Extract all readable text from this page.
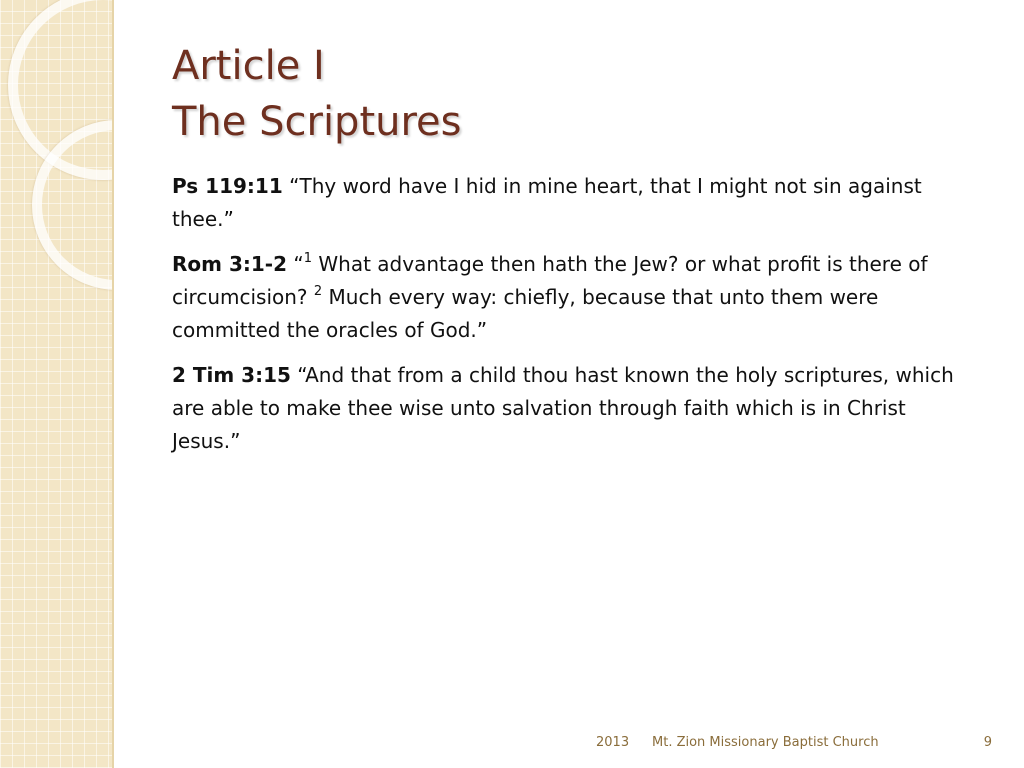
Article I
The Scriptures

Ps 119:11 “Thy word have I hid in mine heart, that I might not sin against thee.”

Rom 3:1-2 “$^1$ What advantage then hath the Jew? or what profit is there of circumcision? $^2$ Much every way: chiefly, because that unto them were committed the oracles of God.”

2 Tim 3:15 “And that from a child thou hast known the holy scriptures, which are able to make thee wise unto salvation through faith which is in Christ Jesus.”

2013 Mt. Zion Missionary Baptist Church	9
